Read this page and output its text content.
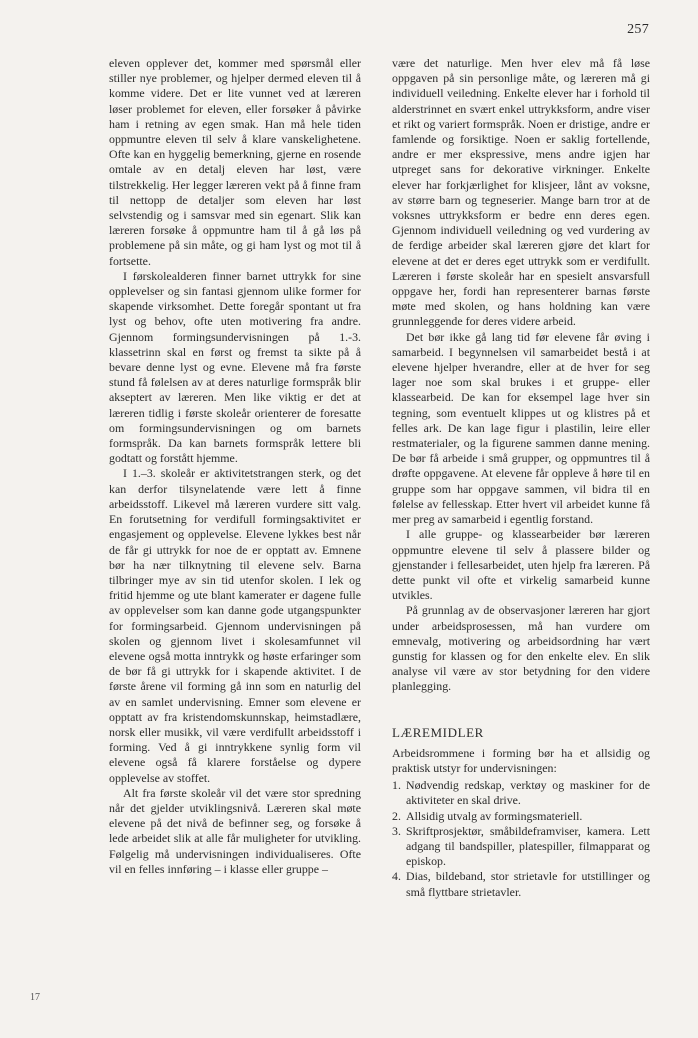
257

eleven opplever det, kommer med spørsmål eller stiller nye problemer, og hjelper dermed eleven til å komme videre. Det er lite vunnet ved at læreren løser problemet for eleven, eller forsøker å påvirke ham i retning av egen smak. Han må hele tiden oppmuntre eleven til selv å klare vanskelighetene. Ofte kan en hyggelig bemerkning, gjerne en rosende omtale av en detalj eleven har løst, være tilstrekkelig. Her legger læreren vekt på å finne fram til nettopp de detaljer som eleven har løst selvstendig og i samsvar med sin egenart. Slik kan læreren forsøke å oppmuntre ham til å gå løs på problemene på sin måte, og gi ham lyst og mot til å fortsette.

I førskolealderen finner barnet uttrykk for sine opplevelser og sin fantasi gjennom ulike former for skapende virksomhet. Dette foregår spontant ut fra lyst og behov, ofte uten motivering fra andre. Gjennom formingsundervisningen på 1.-3. klassetrinn skal en først og fremst ta sikte på å bevare denne lyst og evne. Elevene må fra første stund få følelsen av at deres naturlige formspråk blir akseptert av læreren. Men like viktig er det at læreren tidlig i første skoleår orienterer de foresatte om formingsundervisningen og om barnets formspråk. Da kan barnets formspråk lettere bli godtatt og forstått hjemme.

I 1.–3. skoleår er aktivitetstrangen sterk, og det kan derfor tilsynelatende være lett å finne arbeidsstoff. Likevel må læreren vurdere sitt valg. En forutsetning for verdifull formingsaktivitet er engasjement og opplevelse. Elevene lykkes best når de får gi uttrykk for noe de er opptatt av. Emnene bør ha nær tilknytning til elevene selv. Barna tilbringer mye av sin tid utenfor skolen. I lek og fritid hjemme og ute blant kamerater er dagene fulle av opplevelser som kan danne gode utgangspunkter for formingsarbeid. Gjennom undervisningen på skolen og gjennom livet i skolesamfunnet vil elevene også motta inntrykk og høste erfaringer som de bør få gi uttrykk for i skapende aktivitet. I de første årene vil forming gå inn som en naturlig del av en samlet undervisning. Emner som elevene er opptatt av fra kristendomskunnskap, heimstadlære, norsk eller musikk, vil være verdifullt arbeidsstoff i forming. Ved å gi inntrykkene synlig form vil elevene også få klarere forståelse og dypere opplevelse av stoffet.

Alt fra første skoleår vil det være stor spredning når det gjelder utviklingsnivå. Læreren skal møte elevene på det nivå de befinner seg, og forsøke å lede arbeidet slik at alle får muligheter for utvikling. Følgelig må undervisningen individualiseres. Ofte vil en felles innføring – i klasse eller gruppe –

være det naturlige. Men hver elev må få løse oppgaven på sin personlige måte, og læreren må gi individuell veiledning. Enkelte elever har i forhold til alderstrinnet en svært enkel uttrykksform, andre viser et rikt og variert formspråk. Noen er dristige, andre er famlende og forsiktige. Noen er saklig fortellende, andre er mer ekspressive, mens andre igjen har utpreget sans for dekorative virkninger. Enkelte elever har forkjærlighet for klisjeer, lånt av voksne, av større barn og tegneserier. Mange barn tror at de voksnes uttrykksform er bedre enn deres egen. Gjennom individuell veiledning og ved vurdering av de ferdige arbeider skal læreren gjøre det klart for elevene at det er deres eget uttrykk som er verdifullt. Læreren i første skoleår har en spesielt ansvarsfull oppgave her, fordi han representerer barnas første møte med skolen, og hans holdning kan være grunnleggende for deres videre arbeid.

Det bør ikke gå lang tid før elevene får øving i samarbeid. I begynnelsen vil samarbeidet bestå i at elevene hjelper hverandre, eller at de hver for seg lager noe som skal brukes i et gruppe- eller klassearbeid. De kan for eksempel lage hver sin tegning, som eventuelt klippes ut og klistres på et felles ark. De kan lage figur i plastilin, leire eller restmaterialer, og la figurene sammen danne mening. De bør få arbeide i små grupper, og oppmuntres til å drøfte oppgavene. At elevene får oppleve å høre til en gruppe som har oppgave sammen, vil bidra til en følelse av fellesskap. Etter hvert vil arbeidet kunne få mer preg av samarbeid i egentlig forstand.

I alle gruppe- og klassearbeider bør læreren oppmuntre elevene til selv å plassere bilder og gjenstander i fellesarbeidet, uten hjelp fra læreren. På dette punkt vil ofte et virkelig samarbeid kunne utvikles.

På grunnlag av de observasjoner læreren har gjort under arbeidsprosessen, må han vurdere om emnevalg, motivering og arbeidsordning har vært gunstig for klassen og for den enkelte elev. En slik analyse vil være av stor betydning for den videre planlegging.

LÆREMIDLER

Arbeidsrommene i forming bør ha et allsidig og praktisk utstyr for undervisningen:

1. Nødvendig redskap, verktøy og maskiner for de aktiviteter en skal drive.
2. Allsidig utvalg av formingsmateriell.
3. Skriftprosjektør, småbildeframviser, kamera. Lett adgang til bandspiller, platespiller, filmapparat og episkop.
4. Dias, bildeband, stor strietavle for utstillinger og små flyttbare strietavler.
17
